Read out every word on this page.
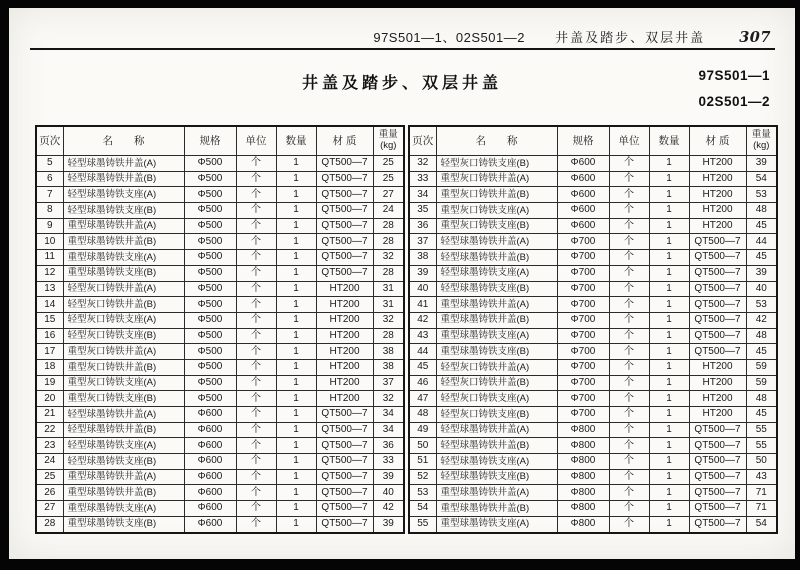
97S501—1、02S501—2 井盖及踏步、双层井盖 307
井盖及踏步、双层井盖	97S501—1
02S501—2
页次	名　　称	规格	单位	数量	材 质	重量 (kg)
5	轻型球墨铸铁井盖(A)	Φ500	个	1	QT500—7	25
6	轻型球墨铸铁井盖(B)	Φ500	个	1	QT500—7	25
7	轻型球墨铸铁支座(A)	Φ500	个	1	QT500—7	27
8	轻型球墨铸铁支座(B)	Φ500	个	1	QT500—7	24
9	重型球墨铸铁井盖(A)	Φ500	个	1	QT500—7	28
10	重型球墨铸铁井盖(B)	Φ500	个	1	QT500—7	28
11	重型球墨铸铁支座(A)	Φ500	个	1	QT500—7	32
12	重型球墨铸铁支座(B)	Φ500	个	1	QT500—7	28
13	轻型灰口铸铁井盖(A)	Φ500	个	1	HT200	31
14	轻型灰口铸铁井盖(B)	Φ500	个	1	HT200	31
15	轻型灰口铸铁支座(A)	Φ500	个	1	HT200	32
16	轻型灰口铸铁支座(B)	Φ500	个	1	HT200	28
17	重型灰口铸铁井盖(A)	Φ500	个	1	HT200	38
18	重型灰口铸铁井盖(B)	Φ500	个	1	HT200	38
19	重型灰口铸铁支座(A)	Φ500	个	1	HT200	37
20	重型灰口铸铁支座(B)	Φ500	个	1	HT200	32
21	轻型球墨铸铁井盖(A)	Φ600	个	1	QT500—7	34
22	轻型球墨铸铁井盖(B)	Φ600	个	1	QT500—7	34
23	轻型球墨铸铁支座(A)	Φ600	个	1	QT500—7	36
24	轻型球墨铸铁支座(B)	Φ600	个	1	QT500—7	33
25	重型球墨铸铁井盖(A)	Φ600	个	1	QT500—7	39
26	重型球墨铸铁井盖(B)	Φ600	个	1	QT500—7	40
27	重型球墨铸铁支座(A)	Φ600	个	1	QT500—7	42
28	重型球墨铸铁支座(B)	Φ600	个	1	QT500—7	39
页次	名　　称	规格	单位	数量	材 质	重量 (kg)
32	轻型灰口铸铁支座(B)	Φ600	个	1	HT200	39
33	重型灰口铸铁井盖(A)	Φ600	个	1	HT200	54
34	重型灰口铸铁井盖(B)	Φ600	个	1	HT200	53
35	重型灰口铸铁支座(A)	Φ600	个	1	HT200	48
36	重型灰口铸铁支座(B)	Φ600	个	1	HT200	45
37	轻型球墨铸铁井盖(A)	Φ700	个	1	QT500—7	44
38	轻型球墨铸铁井盖(B)	Φ700	个	1	QT500—7	45
39	轻型球墨铸铁支座(A)	Φ700	个	1	QT500—7	39
40	轻型球墨铸铁支座(B)	Φ700	个	1	QT500—7	40
41	重型球墨铸铁井盖(A)	Φ700	个	1	QT500—7	53
42	重型球墨铸铁井盖(B)	Φ700	个	1	QT500—7	42
43	重型球墨铸铁支座(A)	Φ700	个	1	QT500—7	48
44	重型球墨铸铁支座(B)	Φ700	个	1	QT500—7	45
45	轻型灰口铸铁井盖(A)	Φ700	个	1	HT200	59
46	轻型灰口铸铁井盖(B)	Φ700	个	1	HT200	59
47	轻型灰口铸铁支座(A)	Φ700	个	1	HT200	48
48	轻型灰口铸铁支座(B)	Φ700	个	1	HT200	45
49	轻型球墨铸铁井盖(A)	Φ800	个	1	QT500—7	55
50	轻型球墨铸铁井盖(B)	Φ800	个	1	QT500—7	55
51	轻型球墨铸铁支座(A)	Φ800	个	1	QT500—7	50
52	轻型球墨铸铁支座(B)	Φ800	个	1	QT500—7	43
53	重型球墨铸铁井盖(A)	Φ800	个	1	QT500—7	71
54	重型球墨铸铁井盖(B)	Φ800	个	1	QT500—7	71
55	重型球墨铸铁支座(A)	Φ800	个	1	QT500—7	54
